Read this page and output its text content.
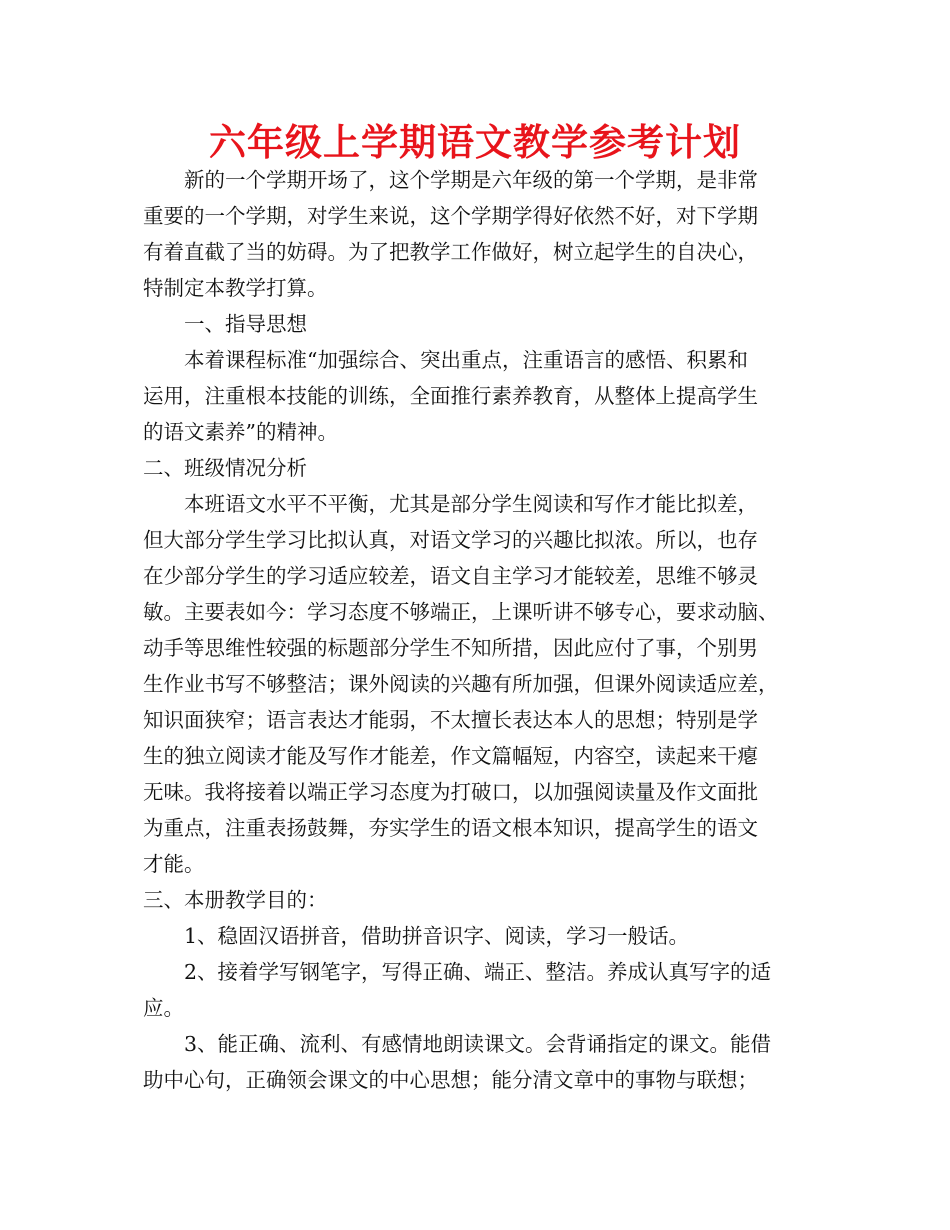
六年级上学期语文教学参考计划
新的一个学期开场了，这个学期是六年级的第一个学期，是非常
重要的一个学期，对学生来说，这个学期学得好依然不好，对下学期
有着直截了当的妨碍。为了把教学工作做好，树立起学生的自决心，
特制定本教学打算。
一、指导思想
本着课程标准“加强综合、突出重点，注重语言的感悟、积累和
运用，注重根本技能的训练，全面推行素养教育，从整体上提高学生
的语文素养”的精神。
二、班级情况分析
本班语文水平不平衡，尤其是部分学生阅读和写作才能比拟差，
但大部分学生学习比拟认真，对语文学习的兴趣比拟浓。所以，也存
在少部分学生的学习适应较差，语文自主学习才能较差，思维不够灵
敏。主要表如今：学习态度不够端正，上课听讲不够专心，要求动脑、
动手等思维性较强的标题部分学生不知所措，因此应付了事，个别男
生作业书写不够整洁；课外阅读的兴趣有所加强，但课外阅读适应差，
知识面狭窄；语言表达才能弱，不太擅长表达本人的思想；特别是学
生的独立阅读才能及写作才能差，作文篇幅短，内容空，读起来干瘪
无味。我将接着以端正学习态度为打破口，以加强阅读量及作文面批
为重点，注重表扬鼓舞，夯实学生的语文根本知识，提高学生的语文
才能。
三、本册教学目的：
1、稳固汉语拼音，借助拼音识字、阅读，学习一般话。
2、接着学写钢笔字，写得正确、端正、整洁。养成认真写字的适
应。
3、能正确、流利、有感情地朗读课文。会背诵指定的课文。能借
助中心句，正确领会课文的中心思想；能分清文章中的事物与联想；
